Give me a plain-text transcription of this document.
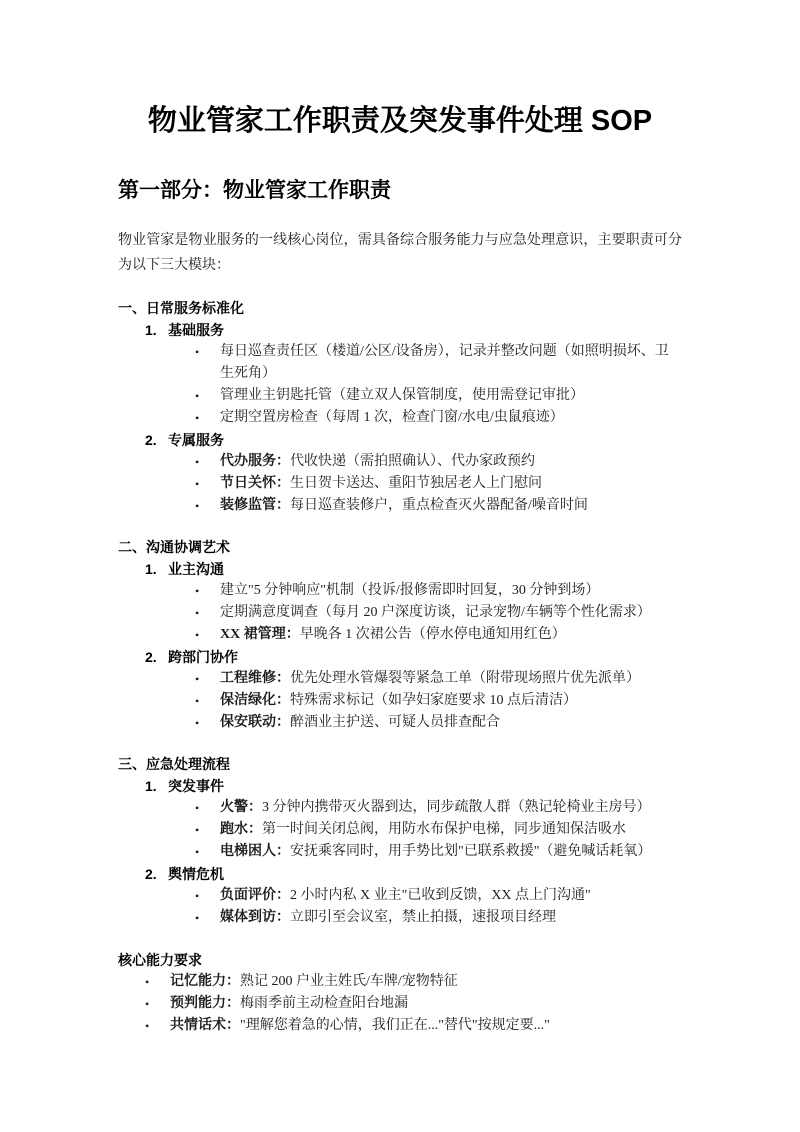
物业管家工作职责及突发事件处理 SOP
第一部分：物业管家工作职责

物业管家是物业服务的一线核心岗位，需具备综合服务能力与应急处理意识，主要职责可分为以下三大模块：

一、日常服务标准化
1. 基础服务
•	每日巡查责任区（楼道/公区/设备房），记录并整改问题（如照明损坏、卫生死角）
•	管理业主钥匙托管（建立双人保管制度，使用需登记审批）
•	定期空置房检查（每周 1 次，检查门窗/水电/虫鼠痕迹）
2. 专属服务
•	代办服务：代收快递（需拍照确认）、代办家政预约
•	节日关怀：生日贺卡送达、重阳节独居老人上门慰问
•	装修监管：每日巡查装修户，重点检查灭火器配备/噪音时间
二、沟通协调艺术
1. 业主沟通
•	建立"5 分钟响应"机制（投诉/报修需即时回复，30 分钟到场）
•	定期满意度调查（每月 20 户深度访谈，记录宠物/车辆等个性化需求）
•	XX 裙管理：早晚各 1 次裙公告（停水停电通知用红色）
2. 跨部门协作
•	工程维修：优先处理水管爆裂等紧急工单（附带现场照片优先派单）
•	保洁绿化：特殊需求标记（如孕妇家庭要求 10 点后清洁）
•	保安联动：醉酒业主护送、可疑人员排查配合
三、应急处理流程
1. 突发事件
•	火警：3 分钟内携带灭火器到达，同步疏散人群（熟记轮椅业主房号）
•	跑水：第一时间关闭总阀，用防水布保护电梯，同步通知保洁吸水
•	电梯困人：安抚乘客同时，用手势比划"已联系救援"（避免喊话耗氧）
2. 舆情危机
•	负面评价：2 小时内私 X 业主"已收到反馈，XX 点上门沟通"
•	媒体到访：立即引至会议室，禁止拍摄，速报项目经理
核心能力要求
•	记忆能力：熟记 200 户业主姓氏/车牌/宠物特征
•	预判能力：梅雨季前主动检查阳台地漏
•	共情话术："理解您着急的心情，我们正在..."替代"按规定要..."
